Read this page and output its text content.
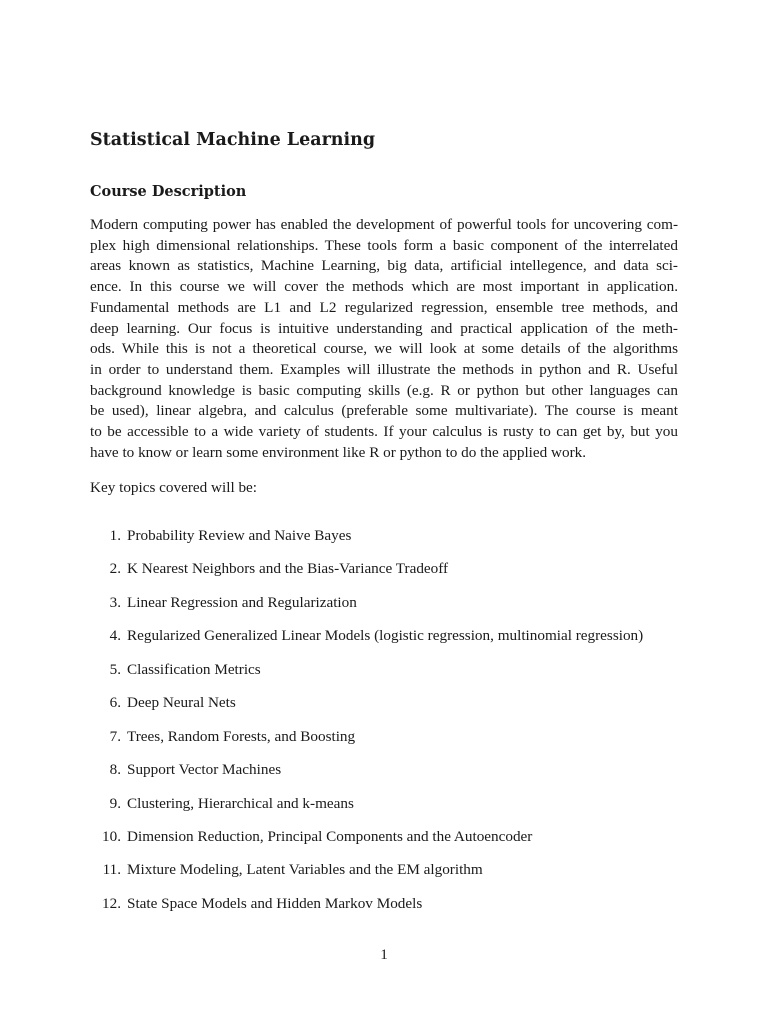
Statistical Machine Learning
Course Description

Modern computing power has enabled the development of powerful tools for uncovering com-
plex high dimensional relationships. These tools form a basic component of the interrelated
areas known as statistics, Machine Learning, big data, artificial intellegence, and data sci-
ence. In this course we will cover the methods which are most important in application.
Fundamental methods are L1 and L2 regularized regression, ensemble tree methods, and
deep learning. Our focus is intuitive understanding and practical application of the meth-
ods. While this is not a theoretical course, we will look at some details of the algorithms
in order to understand them. Examples will illustrate the methods in python and R. Useful
background knowledge is basic computing skills (e.g. R or python but other languages can
be used), linear algebra, and calculus (preferable some multivariate). The course is meant
to be accessible to a wide variety of students. If your calculus is rusty to can get by, but you
have to know or learn some environment like R or python to do the applied work.

Key topics covered will be:
1. Probability Review and Naive Bayes
2. K Nearest Neighbors and the Bias-Variance Tradeoff
3. Linear Regression and Regularization
4. Regularized Generalized Linear Models (logistic regression, multinomial regression)
5. Classification Metrics
6. Deep Neural Nets
7. Trees, Random Forests, and Boosting
8. Support Vector Machines
9. Clustering, Hierarchical and k-means
10. Dimension Reduction, Principal Components and the Autoencoder
11. Mixture Modeling, Latent Variables and the EM algorithm
12. State Space Models and Hidden Markov Models
1
